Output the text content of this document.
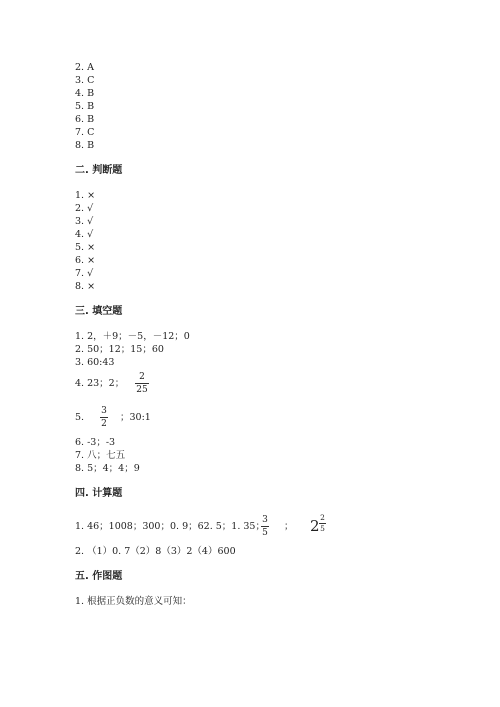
2. A
3. C
4. B
5. B
6. B
7. C
8. B
二. 判断题
1. ×
2. √
3. √
4. √
5. ×
6. ×
7. √
8. ×
三. 填空题
1. 2，＋9；－5，－12；0
2. 50；12；15；60
3. 60:43
4. 23；2；
2
25
5.
3
2
；30:1
6. -3；-3
7. 八；七五
8. 5；4；4；9
四. 计算题
1. 46；1008；300；0. 9；62. 5；1. 35；
3
5
； 2 2
5
2. （1）0. 7（2）8（3）2（4）600
五. 作图题
1. 根据正负数的意义可知：
